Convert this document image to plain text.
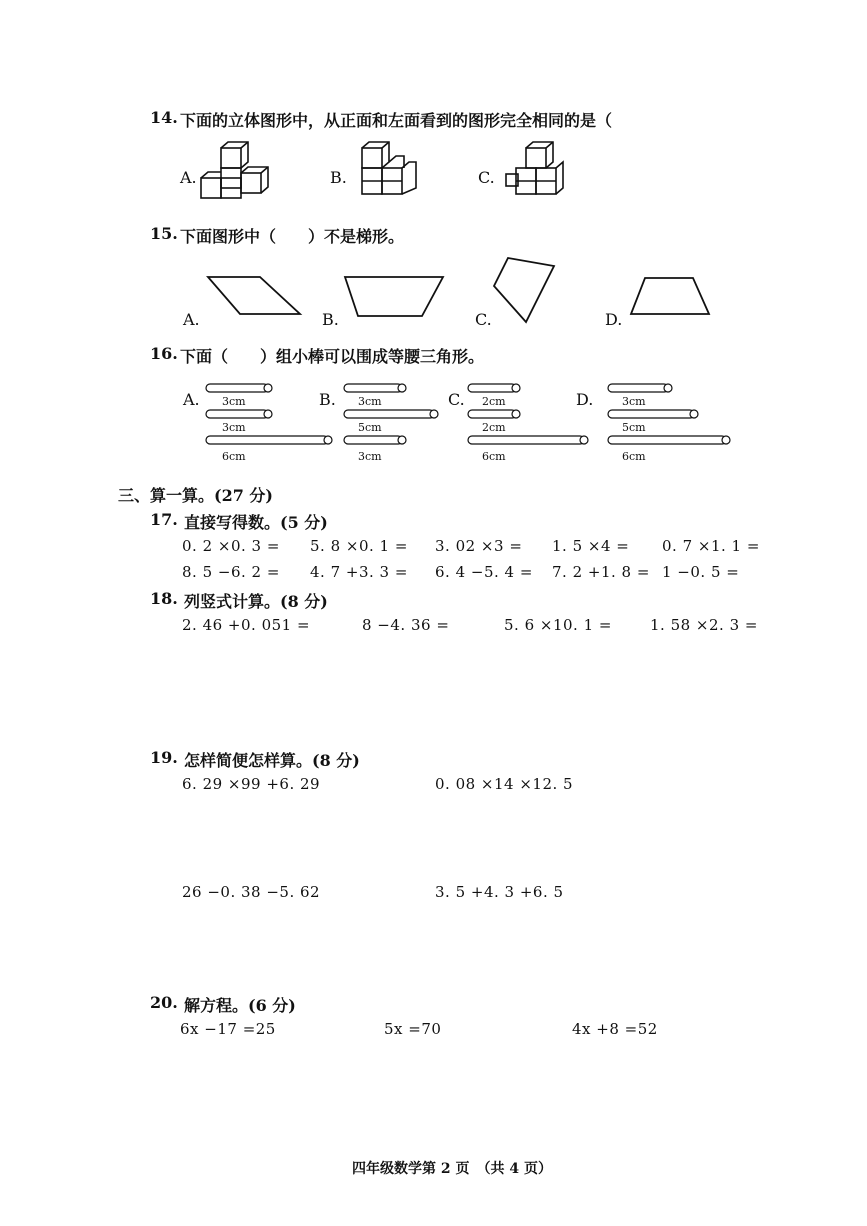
14. 下面的立体图形中，从正面和左面看到的图形完全相同的是（
A.	B.	C.
15. 下面图形中（　　）不是梯形。
A.	B.	C.	D.
16. 下面（　　）组小棒可以围成等腰三角形。
A. 3cm
3cm
6cm
B. 3cm
5cm
3cm
C. 2cm
2cm
6cm
D.	3cm
5cm
6cm
三、算一算。(27 分)
17. 直接写得数。(5 分)
0. 2 ×0. 3 = 5. 8 ×0. 1 = 3. 02 ×3 = 1. 5 ×4 = 0. 7 ×1. 1 =
8. 5 −6. 2 = 4. 7 +3. 3 = 6. 4 −5. 4 = 7. 2 +1. 8 = 1 −0. 5 =
18. 列竖式计算。(8 分)
2. 46 +0. 051 =	8 −4. 36 =	5. 6 ×10. 1 =	1. 58 ×2. 3 =
19. 怎样简便怎样算。(8 分)
6. 29 ×99 +6. 29	0. 08 ×14 ×12. 5
26 −0. 38 −5. 62	3. 5 +4. 3 +6. 5
20. 解方程。(6 分)
6x −17 =25	5x =70	4x +8 =52
四年级数学第 2 页　（共 4 页）
